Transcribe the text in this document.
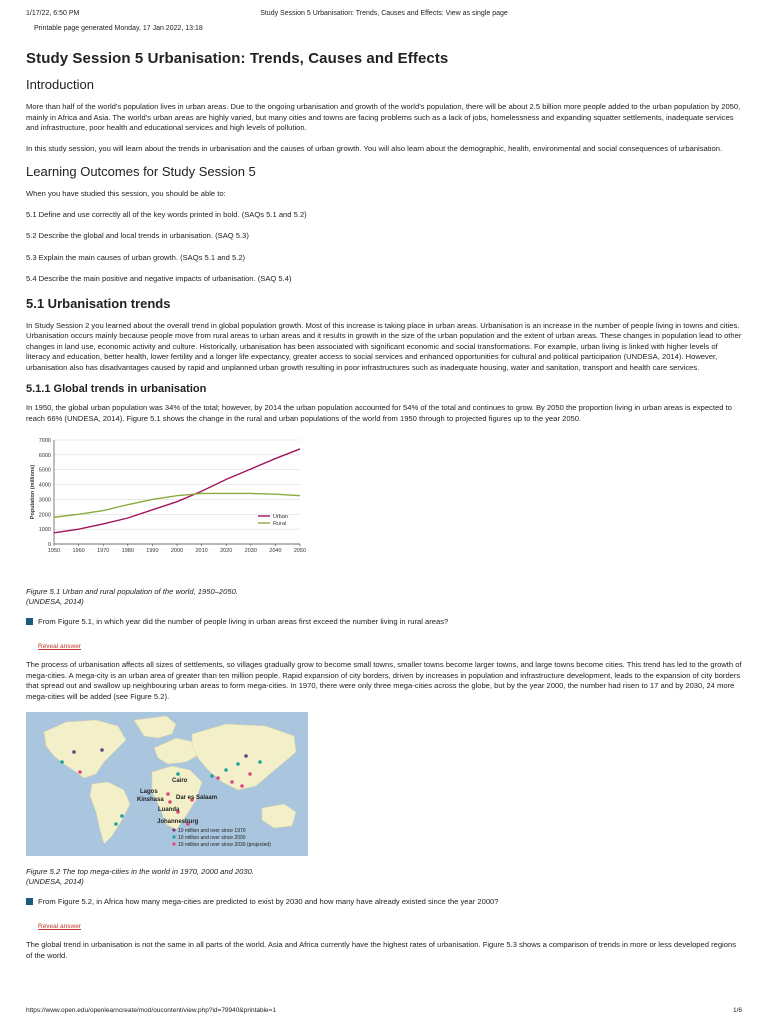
1/17/22, 6:50 PM	Study Session 5 Urbanisation: Trends, Causes and Effects: View as single page
Printable page generated Monday, 17 Jan 2022, 13:18
Study Session 5 Urbanisation: Trends, Causes and Effects
Introduction

More than half of the world's population lives in urban areas. Due to the ongoing urbanisation and growth of the world's population, there will be about 2.5 billion more people added to the urban population by 2050, mainly in Africa and Asia. The world's urban areas are highly varied, but many cities and towns are facing problems such as a lack of jobs, homelessness and expanding squatter settlements, inadequate services and infrastructure, poor health and educational services and high levels of pollution.

In this study session, you will learn about the trends in urbanisation and the causes of urban growth. You will also learn about the demographic, health, environmental and social consequences of urbanisation.

Learning Outcomes for Study Session 5

When you have studied this session, you should be able to:

5.1 Define and use correctly all of the key words printed in bold. (SAQs 5.1 and 5.2)
5.2 Describe the global and local trends in urbanisation. (SAQ 5.3)
5.3 Explain the main causes of urban growth. (SAQs 5.1 and 5.2)
5.4 Describe the main positive and negative impacts of urbanisation. (SAQ 5.4)
5.1 Urbanisation trends

In Study Session 2 you learned about the overall trend in global population growth. Most of this increase is taking place in urban areas. Urbanisation is an increase in the number of people living in towns and cities. Urbanisation occurs mainly because people move from rural areas to urban areas and it results in growth in the size of the urban population and the extent of urban areas. These changes in population lead to other changes in land use, economic activity and culture. Historically, urbanisation has been associated with significant economic and social transformations. For example, urban living is linked with higher levels of literacy and education, better health, lower fertility and a longer life expectancy, greater access to social services and enhanced opportunities for cultural and political participation (UNDESA, 2014). However, urbanisation also has disadvantages caused by rapid and unplanned urban growth resulting in poor infrastructures such as inadequate housing, water and sanitation, transport and health care services.

5.1.1 Global trends in urbanisation

In 1950, the global urban population was 34% of the total; however, by 2014 the urban population accounted for 54% of the total and continues to grow. By 2050 the proportion living in urban areas is expected to reach 66% (UNDESA, 2014). Figure 5.1 shows the change in the rural and urban populations of the world from 1950 through to projected figures up to the year 2050.

0
1000
2000
3000
4000
5000
6000
7000
1950 1960 1970 1980 1990 2000 2010 2020 2030 2040 2050
Population (millions)	Urban
Rural
Figure 5.1 Urban and rural population of the world, 1950–2050.
(UNDESA, 2014)
From Figure 5.1, in which year did the number of people living in urban areas first exceed the number living in rural areas?
Reveal answer

The process of urbanisation affects all sizes of settlements, so villages gradually grow to become small towns, smaller towns become larger towns, and large towns become cities. This trend has led to the growth of mega-cities. A mega-city is an urban area of greater than ten million people. Rapid expansion of city borders, driven by increases in population and infrastructure development, leads to the expansion of city borders that spread out and swallow up neighbouring urban areas to form mega-cities. In 1970, there were only three mega-cities across the globe, but by the year 2000, the number had risen to 17 and by 2030, 24 more mega-cities will be added (see Figure 5.2).

Cairo
Lagos
Kinshasa Dar es Salaam
Luanda
Johannesburg
10 million and over since 1970
10 million and over since 2000
10 million and over since 2030 (projected)
Figure 5.2 The top mega-cities in the world in 1970, 2000 and 2030.
(UNDESA, 2014)
From Figure 5.2, in Africa how many mega-cities are predicted to exist by 2030 and how many have already existed since the year 2000?
Reveal answer

The global trend in urbanisation is not the same in all parts of the world. Asia and Africa currently have the highest rates of urbanisation. Figure 5.3 shows a comparison of trends in more or less developed regions of the world.

https://www.open.edu/openlearncreate/mod/oucontent/view.php?id=79940&printable=1	1/6
